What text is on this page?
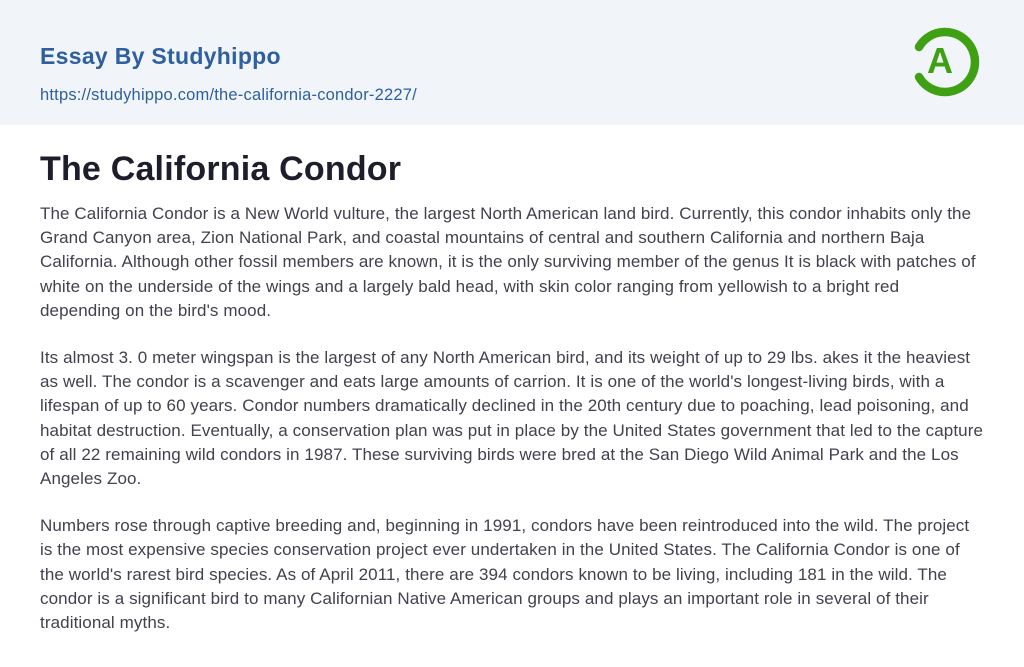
Essay By Studyhippo
https://studyhippo.com/the-california-condor-2227/
A
The California Condor

The California Condor is a New World vulture, the largest North American land bird. Currently, this condor inhabits only the Grand Canyon area, Zion National Park, and coastal mountains of central and southern California and northern Baja California. Although other fossil members are known, it is the only surviving member of the genus It is black with patches of white on the underside of the wings and a largely bald head, with skin color ranging from yellowish to a bright red depending on the bird's mood.

Its almost 3. 0 meter wingspan is the largest of any North American bird, and its weight of up to 29 lbs. akes it the heaviest as well. The condor is a scavenger and eats large amounts of carrion. It is one of the world's longest-living birds, with a lifespan of up to 60 years. Condor numbers dramatically declined in the 20th century due to poaching, lead poisoning, and habitat destruction. Eventually, a conservation plan was put in place by the United States government that led to the capture of all 22 remaining wild condors in 1987. These surviving birds were bred at the San Diego Wild Animal Park and the Los Angeles Zoo.

Numbers rose through captive breeding and, beginning in 1991, condors have been reintroduced into the wild. The project is the most expensive species conservation project ever undertaken in the United States. The California Condor is one of the world's rarest bird species. As of April 2011, there are 394 condors known to be living, including 181 in the wild. The condor is a significant bird to many Californian Native American groups and plays an important role in several of their traditional myths.
